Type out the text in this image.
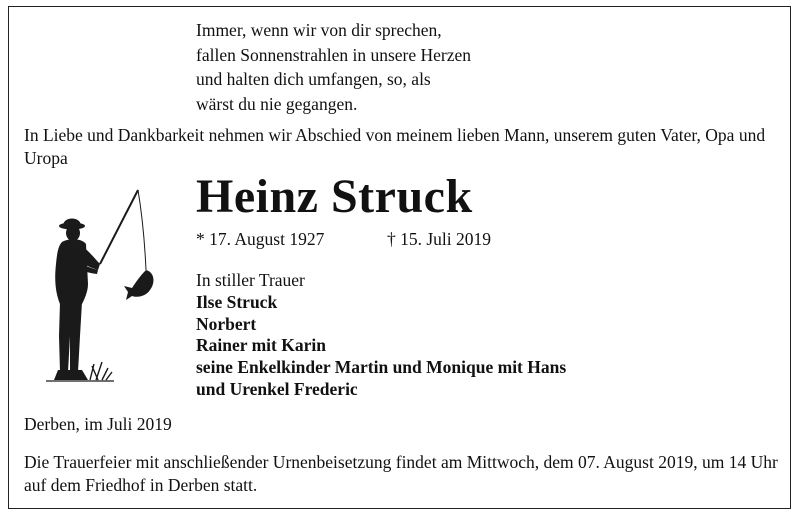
Immer, wenn wir von dir sprechen,
fallen Sonnenstrahlen in unsere Herzen
und halten dich umfangen, so, als
wärst du nie gegangen.
In Liebe und Dankbarkeit nehmen wir Abschied von meinem lieben Mann, unserem guten Vater, Opa und Uropa
Heinz Struck
* 17. August 1927	† 15. Juli 2019
In stiller Trauer
Ilse Struck
Norbert
Rainer mit Karin
seine Enkelkinder Martin und Monique mit Hans
und Urenkel Frederic
Derben, im Juli 2019
Die Trauerfeier mit anschließender Urnenbeisetzung findet am Mittwoch, dem 07. August 2019, um 14 Uhr auf dem Friedhof in Derben statt.
